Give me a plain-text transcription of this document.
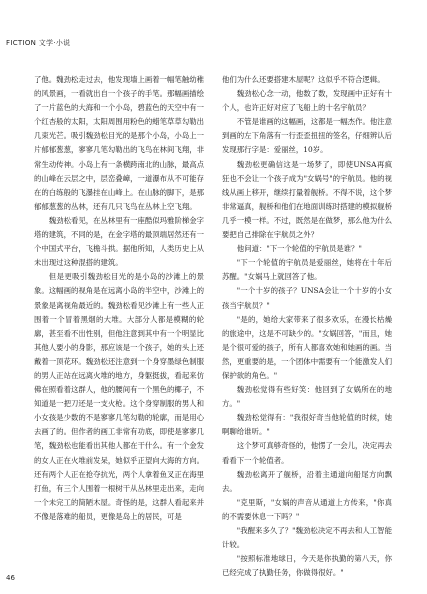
FICTION 文学·小说

了他。魏劲松走过去，他发现墙上画着一幅笔触幼稚的风景画，一看就出自一个孩子的手笔。那幅画描绘了一片蓝色的大海和一个小岛，碧蓝色的天空中有一个红杏般的太阳，太阳周围用粉色的蜡笔草草勾勒出几束光芒。吸引魏劲松目光的是那个小岛，小岛上一片郁郁葱葱，寥寥几笔勾勒出的飞鸟在林间飞翔，非常生动传神。小岛上有一条横跨南北的山脉，最高点的山峰在云层之中，层峦叠嶂，一道瀑布从不可能存在的白练般的飞瀑挂在山峰上。在山脉的脚下，是那郁郁葱葱的丛林，还有几只飞鸟在丛林上空飞翔。

魏劲松看见，在丛林里有一座酷似玛雅阶梯金字塔的建筑，不同的是，在金字塔的最顶端居然还有一个中国式平台，飞檐斗拱。据他所知，人类历史上从未出现过这种混搭的建筑。

但是更吸引魏劲松目光的是小岛的沙滩上的景象。这幅画的视角是在远离小岛的半空中，沙滩上的景象是离视角最近的。魏劲松看见沙滩上有一些人正围着一个冒着黑烟的大堆。大部分人都是模糊的轮廓，甚至看不出性别，但他注意到其中有一个明显比其他人要小的身影，那应该是一个孩子，她的头上还戴着一顶花环。魏劲松还注意到一个身穿墨绿色制服的男人正站在远离火堆的地方，身躯挺拔，看起来仿佛在照看着这群人，他的腰间有一个黑色的椰子，不知道是一把刀还是一支火枪。这个身穿制服的男人和小女孩是少数的不是寥寥几笔勾勒的轮廓，而是用心去画了的。但作者的画工非常有功底，即使是寥寥几笔，魏劲松也能看出其他人都在干什么。有一个金发的女人正在火堆前发呆，她似乎正望向大海的方向。还有两个人正在抢夺抗光，两个人拿着鱼叉正在海里打鱼，有三个人围着一根树干从丛林里走出来，走向一个未完工的简陋木屋。奇怪的是，这群人看起来并不像是落难的船员，更像是岛上的居民，可是

他们为什么还要搭建木屋呢？这似乎不符合逻辑。

魏劲松心念一动，他数了数，发现画中正好有十个人，也许正好对应了飞船上的十名宇航员？

不管是谁画的这幅画，这都是一幅杰作。他注意到画的左下角落有一行歪歪扭扭的签名，仔细辨认后发现那行字是：爱丽丝，10岁。

魏劲松更确信这是一场梦了，即使UNSA再疯狂也不会让一个孩子成为"女娲号"的宇航员。他的视线从画上移开，继续打量着舰桥。不得不说，这个梦非常逼真，舰桥和他们在地面训练时搭建的模拟舰桥几乎一模一样。不过，既然是在做梦，那么他为什么要把自己排除在宇航员之外？

他问道："下一个轮值的宇航员是谁？"

"下一个轮值的宇航员是爱丽丝，她将在十年后苏醒。"女娲马上就回答了他。

"一个十岁的孩子？UNSA会让一个十岁的小女孩当宇航员？"

"是的，她给大家带来了很多欢乐，在漫长枯燥的旅途中，这是不可缺少的。"女娲回答，"而且，她是个很可爱的孩子，所有人都喜欢她和她画的画。当然，更重要的是，一个团体中需要有一个能激发人们保护欲的角色。"

魏劲松觉得有些好笑：他回到了女娲所在的地方。"

魏劲松觉得有："我很好奇当他轮值的时候，她啊聊给谁听。"

这个梦可真够奇怪的，他愣了一会儿，决定再去看看下一个轮值者。

魏劲松离开了舰桥，沿着主通道向船尾方向飘去。

"克里斯，"女娲的声音从通道上方传来，"你真的不需要休息一下吗？"

"我醒来多久了？"魏劲松决定不再去和人工智能计较。

"按照标准地球日，今天是你执勤的第八天，你已经完成了执勤任务，你做得很好。"

46
